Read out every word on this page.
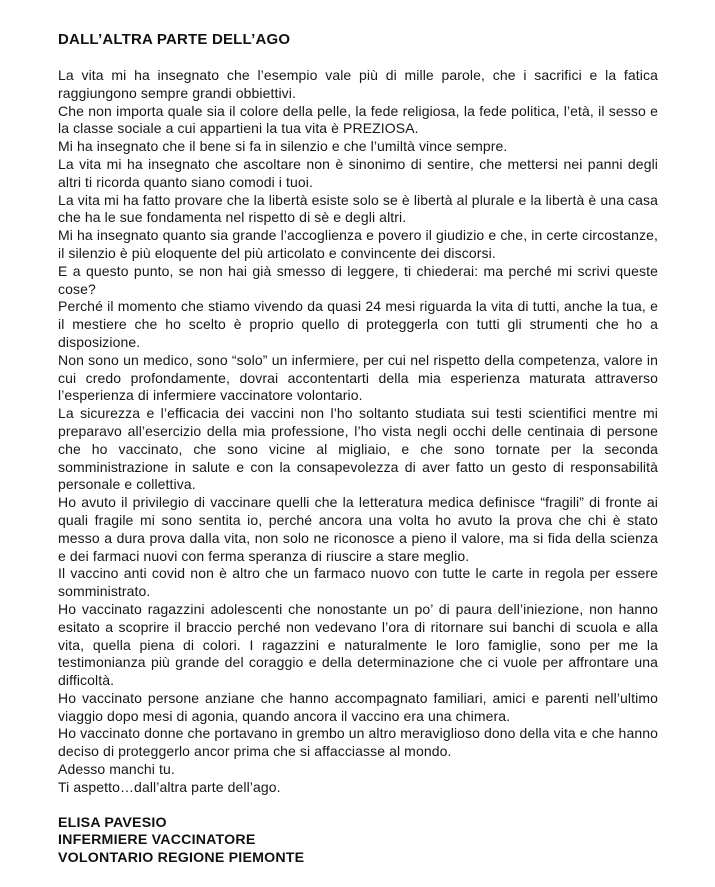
DALL’ALTRA PARTE DELL’AGO

La vita mi ha insegnato che l’esempio vale più di mille parole, che i sacrifici e la fatica raggiungono sempre grandi obbiettivi.

Che non importa quale sia il colore della pelle, la fede religiosa, la fede politica, l’età, il sesso e la classe sociale a cui appartieni la tua vita è PREZIOSA.

Mi ha insegnato che il bene si fa in silenzio e che l’umiltà vince sempre.

La vita mi ha insegnato che ascoltare non è sinonimo di sentire, che mettersi nei panni degli altri ti ricorda quanto siano comodi i tuoi.

La vita mi ha fatto provare che la libertà esiste solo se è libertà al plurale e la libertà è una casa che ha le sue fondamenta nel rispetto di sè e degli altri.

Mi ha insegnato quanto sia grande l’accoglienza e povero il giudizio e che, in certe circostanze, il silenzio è più eloquente del più articolato e convincente dei discorsi.

E a questo punto, se non hai già smesso di leggere, ti chiederai: ma perché mi scrivi queste cose?

Perché il momento che stiamo vivendo da quasi 24 mesi riguarda la vita di tutti, anche la tua, e il mestiere che ho scelto è proprio quello di proteggerla con tutti gli strumenti che ho a disposizione.

Non sono un medico, sono “solo” un infermiere, per cui nel rispetto della competenza, valore in cui credo profondamente, dovrai accontentarti della mia esperienza maturata attraverso l’esperienza di infermiere vaccinatore volontario.

La sicurezza e l’efficacia dei vaccini non l’ho soltanto studiata sui testi scientifici mentre mi preparavo all’esercizio della mia professione, l’ho vista negli occhi delle centinaia di persone che ho vaccinato, che sono vicine al migliaio, e che sono tornate per la seconda somministrazione in salute e con la consapevolezza di aver fatto un gesto di responsabilità personale e collettiva.

Ho avuto il privilegio di vaccinare quelli che la letteratura medica definisce “fragili” di fronte ai quali fragile mi sono sentita io, perché ancora una volta ho avuto la prova che chi è stato messo a dura prova dalla vita, non solo ne riconosce a pieno il valore, ma si fida della scienza e dei farmaci nuovi con ferma speranza di riuscire a stare meglio.

Il vaccino anti covid non è altro che un farmaco nuovo con tutte le carte in regola per essere somministrato.

Ho vaccinato ragazzini adolescenti che nonostante un po’ di paura dell’iniezione, non hanno esitato a scoprire il braccio perché non vedevano l’ora di ritornare sui banchi di scuola e alla vita, quella piena di colori. I ragazzini e naturalmente le loro famiglie, sono per me la testimonianza più grande del coraggio e della determinazione che ci vuole per affrontare una difficoltà.

Ho vaccinato persone anziane che hanno accompagnato familiari, amici e parenti nell’ultimo viaggio dopo mesi di agonia, quando ancora il vaccino era una chimera.

Ho vaccinato donne che portavano in grembo un altro meraviglioso dono della vita e che hanno deciso di proteggerlo ancor prima che si affacciasse al mondo.

Adesso manchi tu.

Ti aspetto…dall’altra parte dell’ago.

ELISA PAVESIO
INFERMIERE VACCINATORE
VOLONTARIO REGIONE PIEMONTE
